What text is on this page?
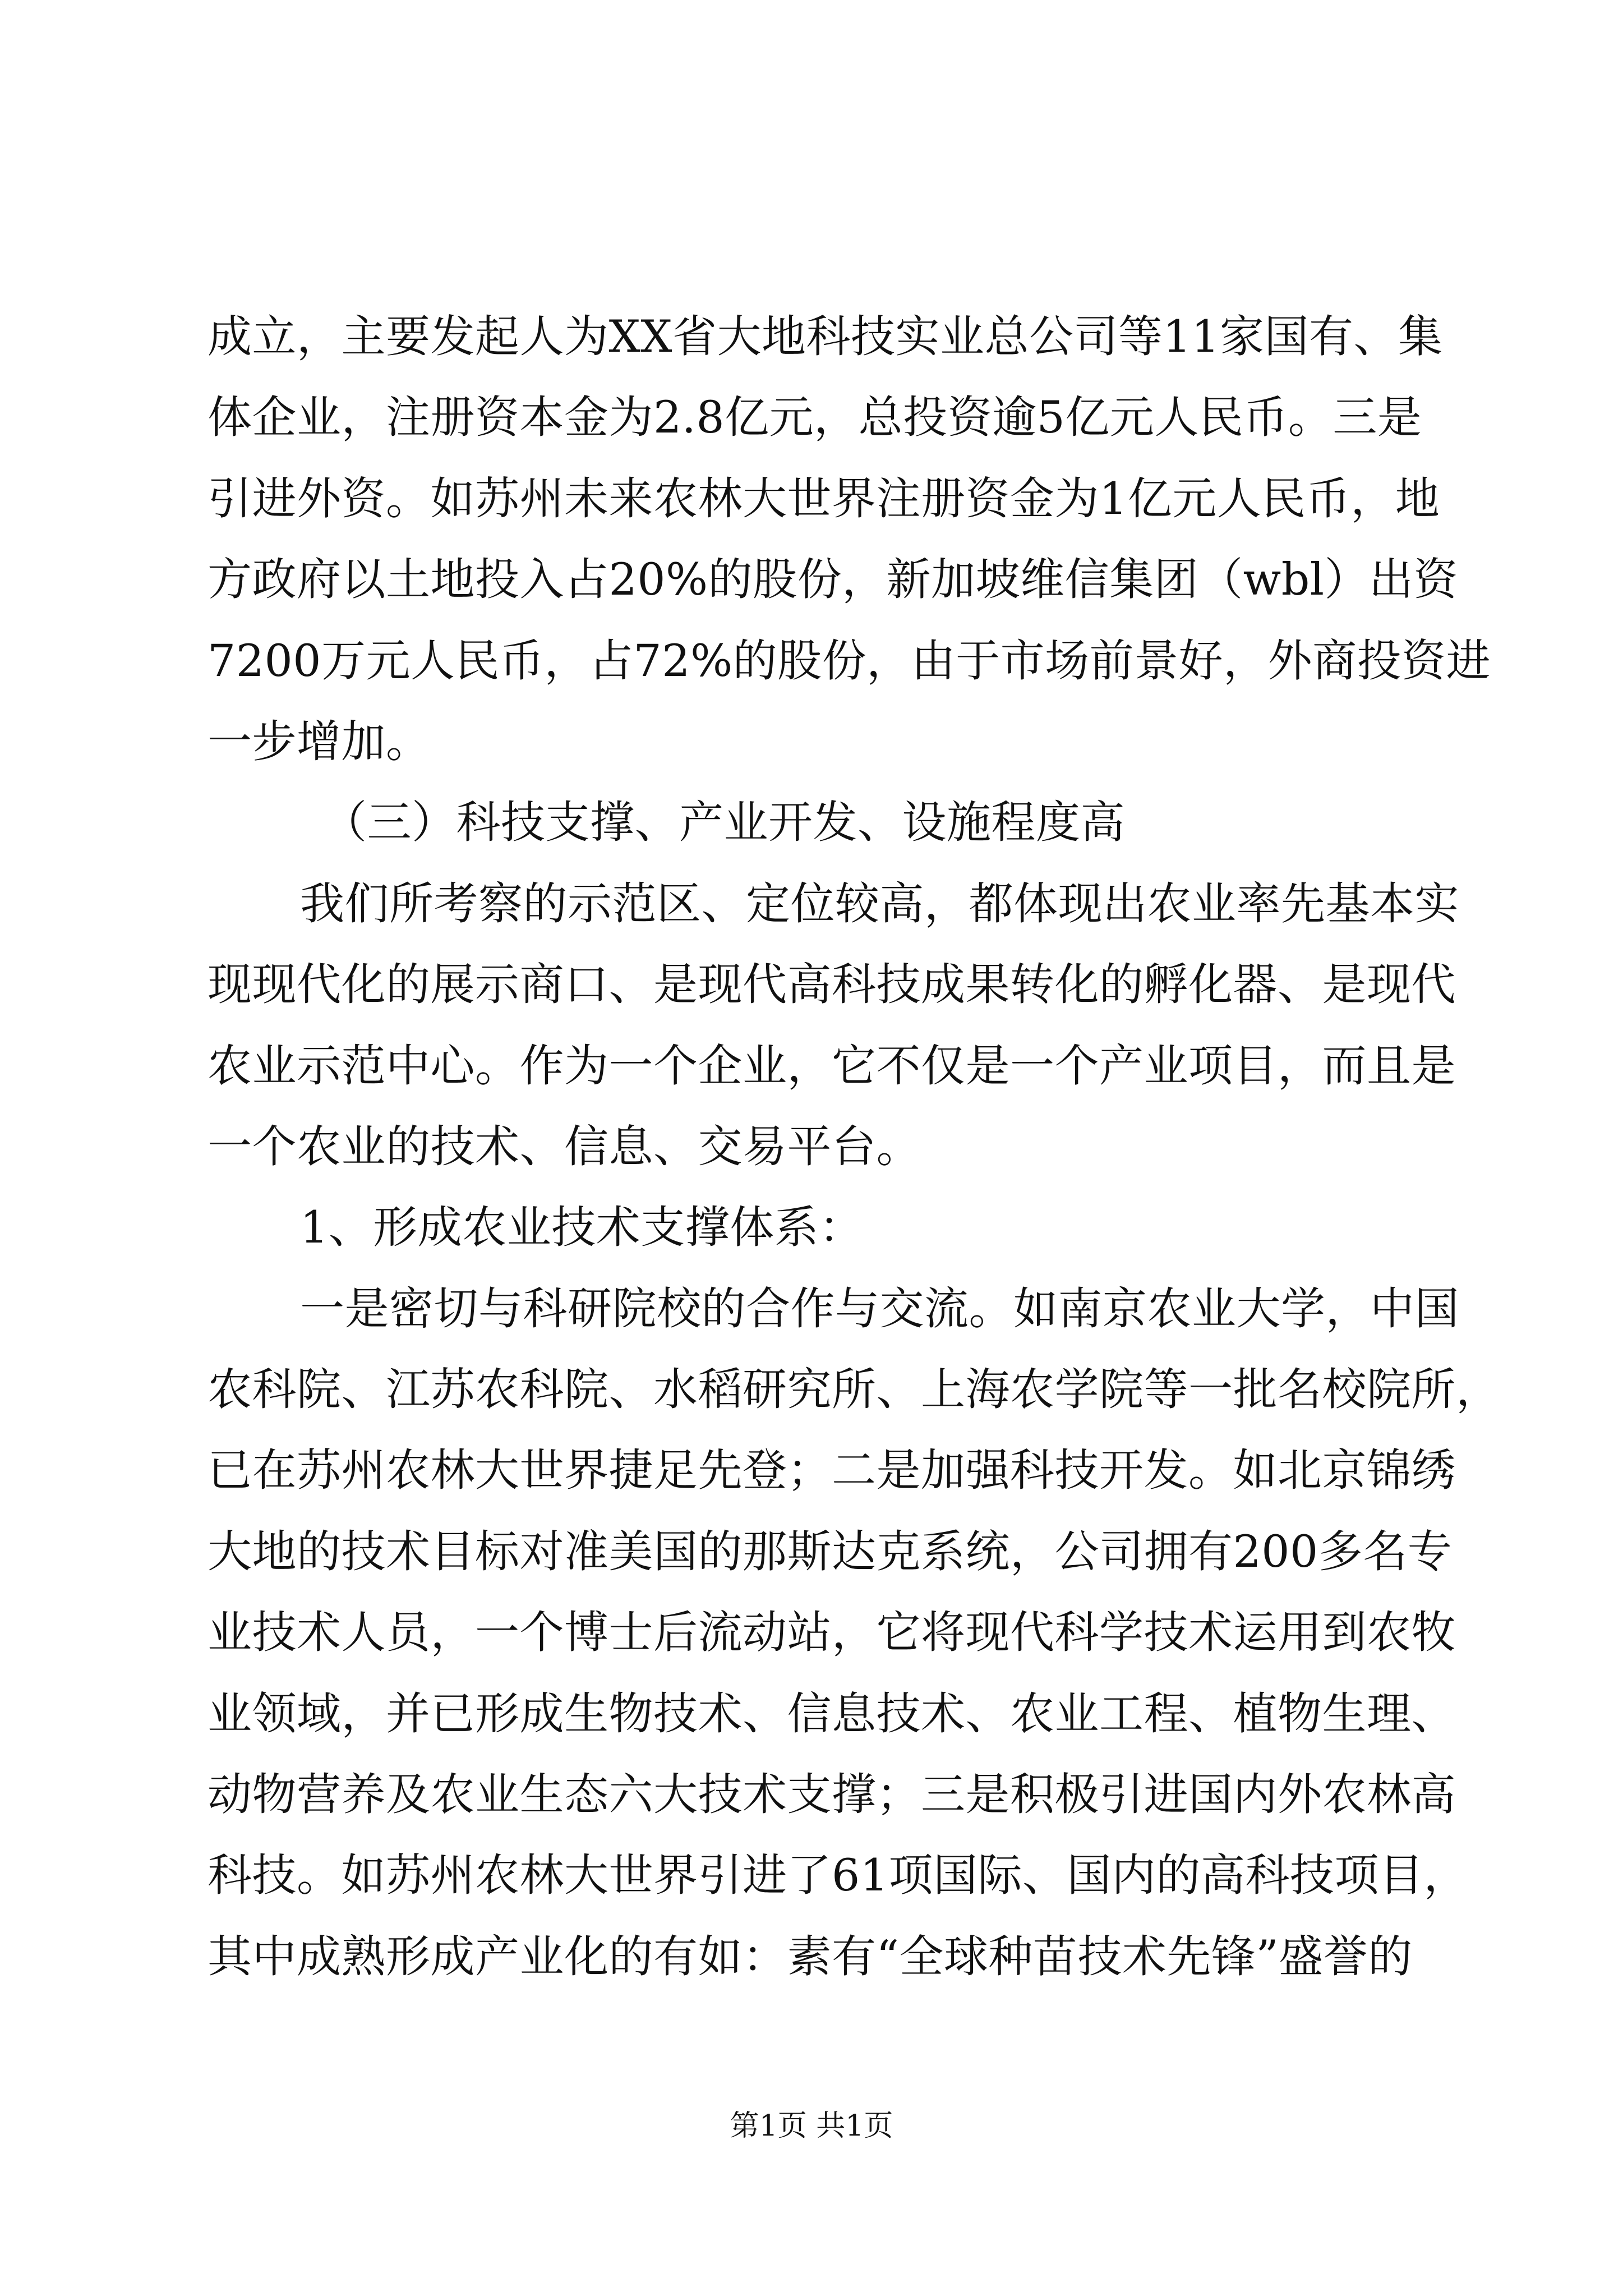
成立，主要发起人为XX省大地科技实业总公司等11家国有、集
体企业，注册资本金为2.8亿元，总投资逾5亿元人民币。三是
引进外资。如苏州未来农林大世界注册资金为1亿元人民币，地
方政府以土地投入占20%的股份，新加坡维信集团（wbl）出资
7200万元人民币，占72%的股份，由于市场前景好，外商投资进
一步增加。
（三）科技支撑、产业开发、设施程度高
我们所考察的示范区、定位较高，都体现出农业率先基本实
现现代化的展示商口、是现代高科技成果转化的孵化器、是现代
农业示范中心。作为一个企业，它不仅是一个产业项目，而且是
一个农业的技术、信息、交易平台。
1、形成农业技术支撑体系：
一是密切与科研院校的合作与交流。如南京农业大学，中国
农科院、江苏农科院、水稻研究所、上海农学院等一批名校院所，
已在苏州农林大世界捷足先登；二是加强科技开发。如北京锦绣
大地的技术目标对准美国的那斯达克系统，公司拥有200多名专
业技术人员，一个博士后流动站，它将现代科学技术运用到农牧
业领域，并已形成生物技术、信息技术、农业工程、植物生理、
动物营养及农业生态六大技术支撑；三是积极引进国内外农林高
科技。如苏州农林大世界引进了61项国际、国内的高科技项目，
其中成熟形成产业化的有如：素有“全球种苗技术先锋”盛誉的
第1页 共1页
